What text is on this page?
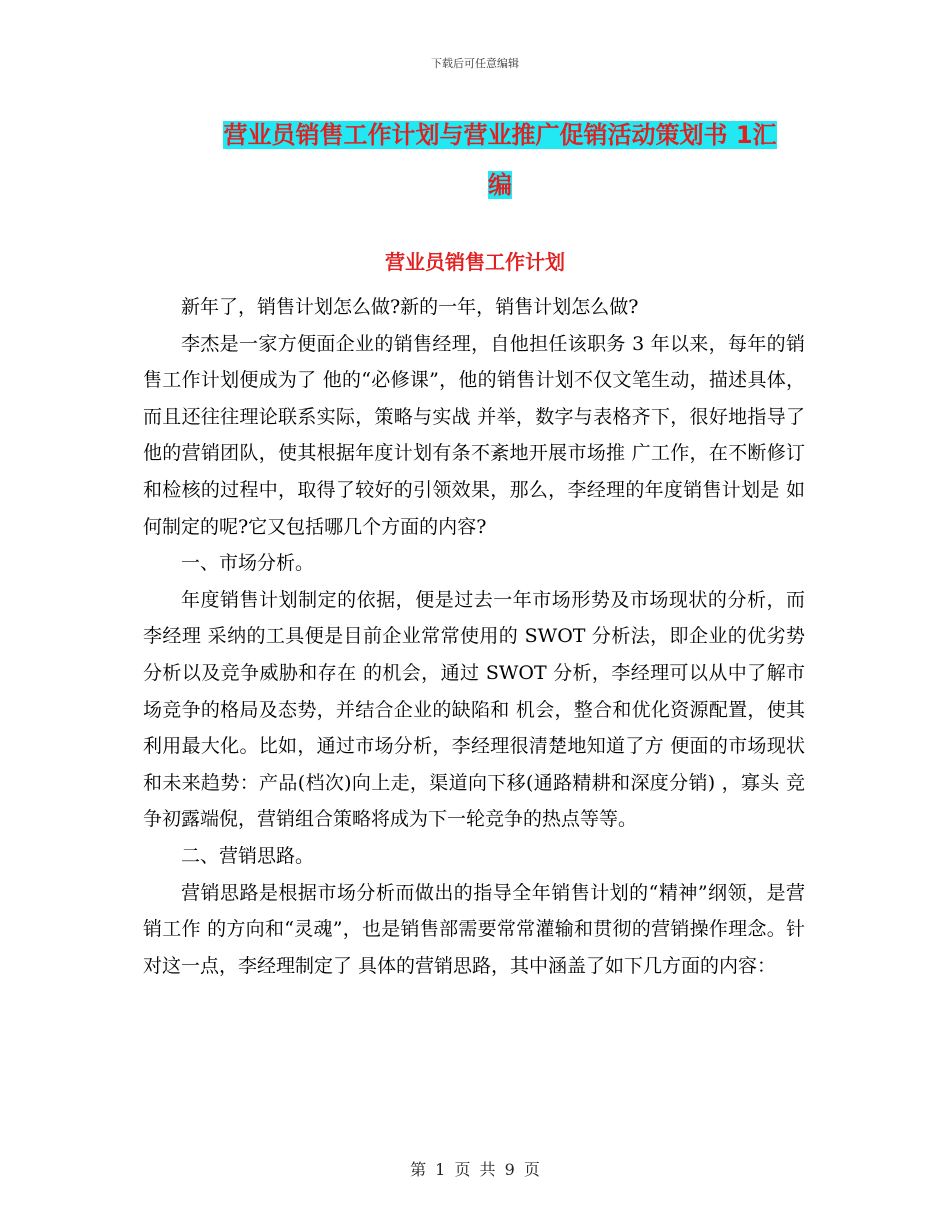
下载后可任意编辑
营业员销售工作计划与营业推广促销活动策划书 1汇
编
营业员销售工作计划

新年了，销售计划怎么做?新的一年，销售计划怎么做?

李杰是一家方便面企业的销售经理，自他担任该职务 3 年以来，每年的销售工作计划便成为了 他的“必修课”，他的销售计划不仅文笔生动，描述具体，而且还往往理论联系实际，策略与实战 并举，数字与表格齐下，很好地指导了他的营销团队，使其根据年度计划有条不紊地开展市场推 广工作，在不断修订和检核的过程中，取得了较好的引领效果，那么，李经理的年度销售计划是 如何制定的呢?它又包括哪几个方面的内容?

一、市场分析。

年度销售计划制定的依据，便是过去一年市场形势及市场现状的分析，而李经理 采纳的工具便是目前企业常常使用的 SWOT 分析法，即企业的优劣势分析以及竞争威胁和存在 的机会，通过 SWOT 分析，李经理可以从中了解市场竞争的格局及态势，并结合企业的缺陷和 机会，整合和优化资源配置，使其利用最大化。比如，通过市场分析，李经理很清楚地知道了方 便面的市场现状和未来趋势：产品(档次)向上走，渠道向下移(通路精耕和深度分销) ，寡头 竞争初露端倪，营销组合策略将成为下一轮竞争的热点等等。

二、营销思路。

营销思路是根据市场分析而做出的指导全年销售计划的“精神”纲领，是营销工作 的方向和“灵魂”，也是销售部需要常常灌输和贯彻的营销操作理念。针对这一点，李经理制定了 具体的营销思路，其中涵盖了如下几方面的内容：

第 1 页 共 9 页
